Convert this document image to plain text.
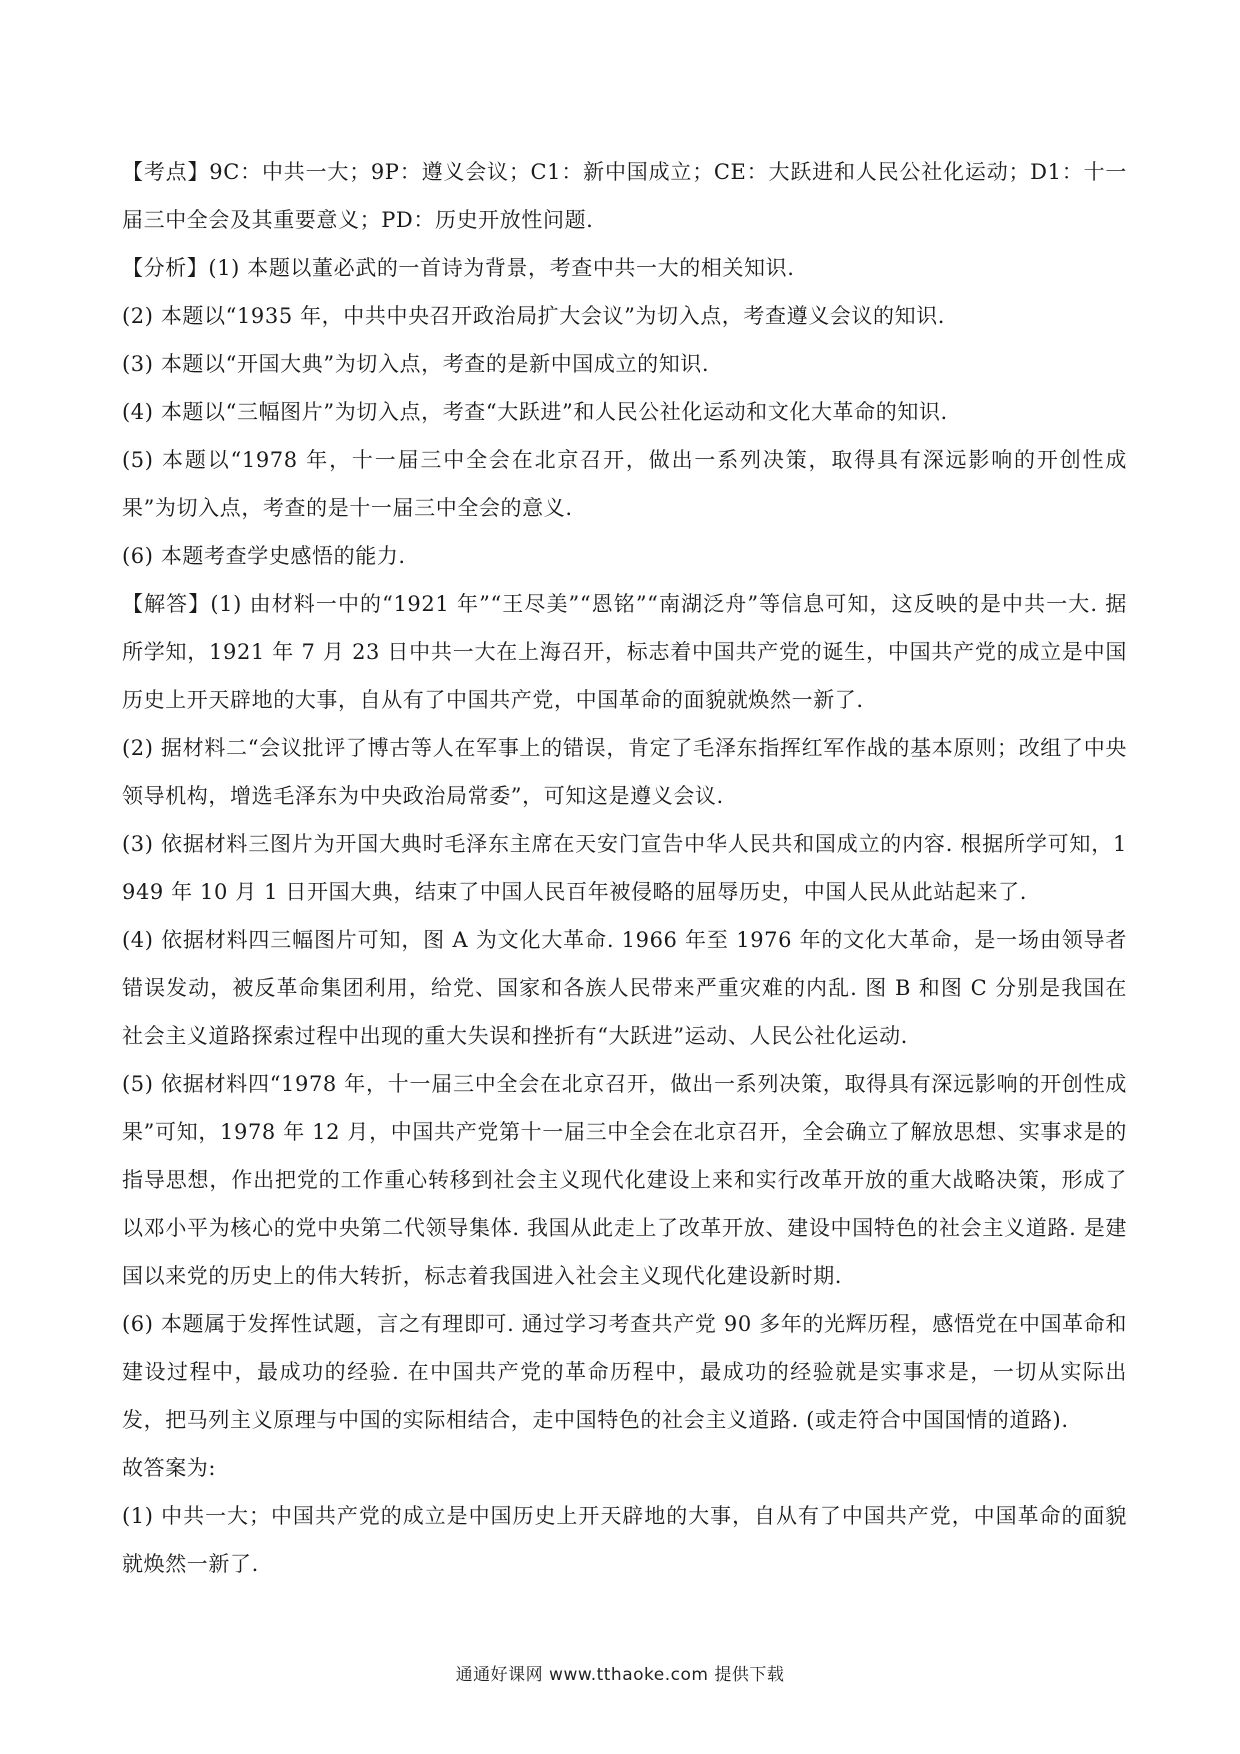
【考点】9C：中共一大；9P：遵义会议；C1：新中国成立；CE：大跃进和人民公社化运动；D1：十一届三中全会及其重要意义；PD：历史开放性问题.

【分析】(1) 本题以董必武的一首诗为背景，考查中共一大的相关知识.

(2) 本题以“1935 年，中共中央召开政治局扩大会议”为切入点，考查遵义会议的知识.

(3) 本题以“开国大典”为切入点，考查的是新中国成立的知识.

(4) 本题以“三幅图片”为切入点，考查“大跃进”和人民公社化运动和文化大革命的知识.

(5) 本题以“1978 年，十一届三中全会在北京召开，做出一系列决策，取得具有深远影响的开创性成果”为切入点，考查的是十一届三中全会的意义.

(6) 本题考查学史感悟的能力.

【解答】(1) 由材料一中的“1921 年”“王尽美”“恩铭”“南湖泛舟”等信息可知，这反映的是中共一大. 据所学知，1921 年 7 月 23 日中共一大在上海召开，标志着中国共产党的诞生，中国共产党的成立是中国历史上开天辟地的大事，自从有了中国共产党，中国革命的面貌就焕然一新了.

(2) 据材料二“会议批评了博古等人在军事上的错误，肯定了毛泽东指挥红军作战的基本原则；改组了中央领导机构，增选毛泽东为中央政治局常委”，可知这是遵义会议.

(3) 依据材料三图片为开国大典时毛泽东主席在天安门宣告中华人民共和国成立的内容. 根据所学可知，1949 年 10 月 1 日开国大典，结束了中国人民百年被侵略的屈辱历史，中国人民从此站起来了.

(4) 依据材料四三幅图片可知，图 A 为文化大革命. 1966 年至 1976 年的文化大革命，是一场由领导者错误发动，被反革命集团利用，给党、国家和各族人民带来严重灾难的内乱. 图 B 和图 C 分别是我国在社会主义道路探索过程中出现的重大失误和挫折有“大跃进”运动、人民公社化运动.

(5) 依据材料四“1978 年，十一届三中全会在北京召开，做出一系列决策，取得具有深远影响的开创性成果”可知，1978 年 12 月，中国共产党第十一届三中全会在北京召开，全会确立了解放思想、实事求是的指导思想，作出把党的工作重心转移到社会主义现代化建设上来和实行改革开放的重大战略决策，形成了以邓小平为核心的党中央第二代领导集体. 我国从此走上了改革开放、建设中国特色的社会主义道路. 是建国以来党的历史上的伟大转折，标志着我国进入社会主义现代化建设新时期.

(6) 本题属于发挥性试题，言之有理即可. 通过学习考查共产党 90 多年的光辉历程，感悟党在中国革命和建设过程中，最成功的经验. 在中国共产党的革命历程中，最成功的经验就是实事求是，一切从实际出发，把马列主义原理与中国的实际相结合，走中国特色的社会主义道路. (或走符合中国国情的道路).

故答案为:

(1) 中共一大；中国共产党的成立是中国历史上开天辟地的大事，自从有了中国共产党，中国革命的面貌就焕然一新了.

通通好课网 www.tthaoke.com 提供下载
